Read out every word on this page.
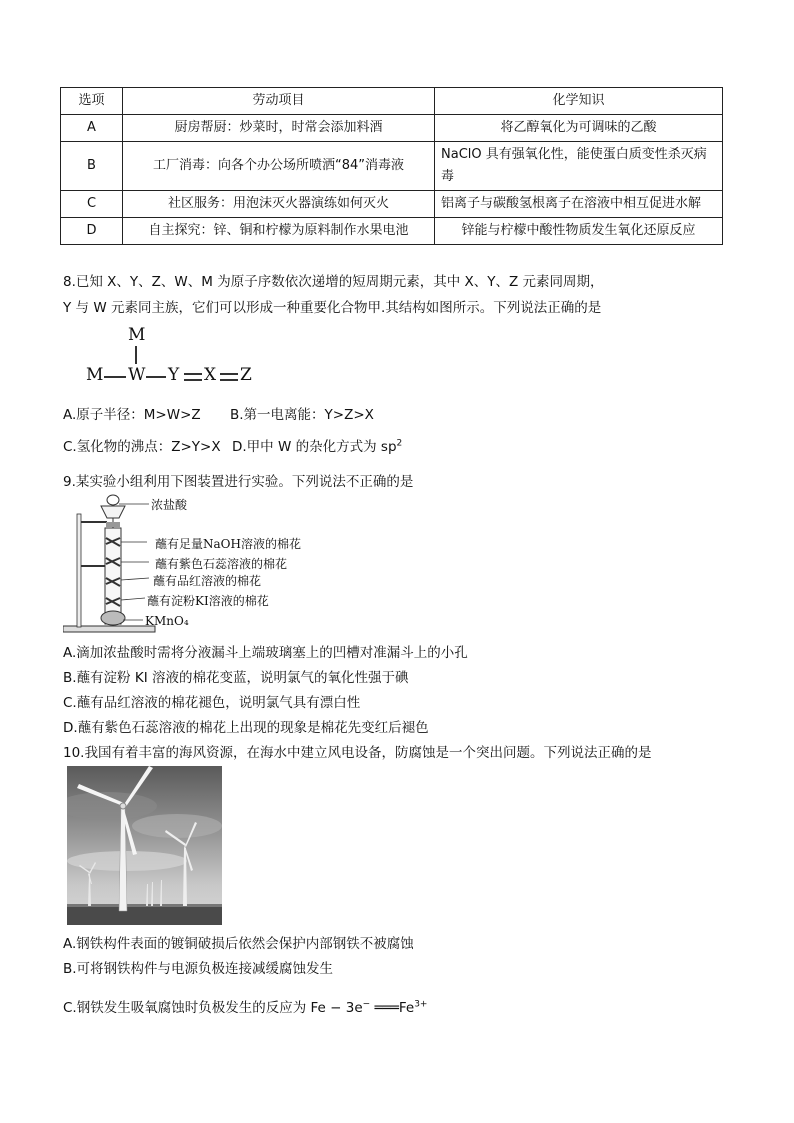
选项	劳动项目	化学知识
A	厨房帮厨：炒菜时，时常会添加料酒	将乙醇氧化为可调味的乙酸
B	工厂消毒：向各个办公场所喷洒“84”消毒液	NaClO 具有强氧化性，能使蛋白质变性杀灭病毒
C	社区服务：用泡沫灭火器演练如何灭火	铝离子与碳酸氢根离子在溶液中相互促进水解
D	自主探究：锌、铜和柠檬为原料制作水果电池	锌能与柠檬中酸性物质发生氧化还原反应
8.已知 X、Y、Z、W、M 为原子序数依次递增的短周期元素，其中 X、Y、Z 元素同周期，
Y 与 W 元素同主族，它们可以形成一种重要化合物甲.其结构如图所示。下列说法正确的是
M
M W Y X Z
A.原子半径：M>W>Z B.第一电离能：Y>Z>X
C.氢化物的沸点：Z>Y>X D.甲中 W 的杂化方式为 $sp^2$
9.某实验小组利用下图装置进行实验。下列说法不正确的是
浓盐酸
蘸有足量NaOH溶液的棉花
蘸有紫色石蕊溶液的棉花
蘸有品红溶液的棉花
蘸有淀粉KI溶液的棉花
KMnO₄
A.滴加浓盐酸时需将分液漏斗上端玻璃塞上的凹槽对准漏斗上的小孔
B.蘸有淀粉 KI 溶液的棉花变蓝，说明氯气的氧化性强于碘
C.蘸有品红溶液的棉花褪色，说明氯气具有漂白性
D.蘸有紫色石蕊溶液的棉花上出现的现象是棉花先变红后褪色
10.我国有着丰富的海风资源，在海水中建立风电设备，防腐蚀是一个突出问题。下列说法正确的是
A.钢铁构件表面的镀铜破损后依然会保护内部钢铁不被腐蚀
B.可将钢铁构件与电源负极连接减缓腐蚀发生
C.钢铁发生吸氧腐蚀时负极发生的反应为 Fe − 3e− $═══Fe^{3+}$
